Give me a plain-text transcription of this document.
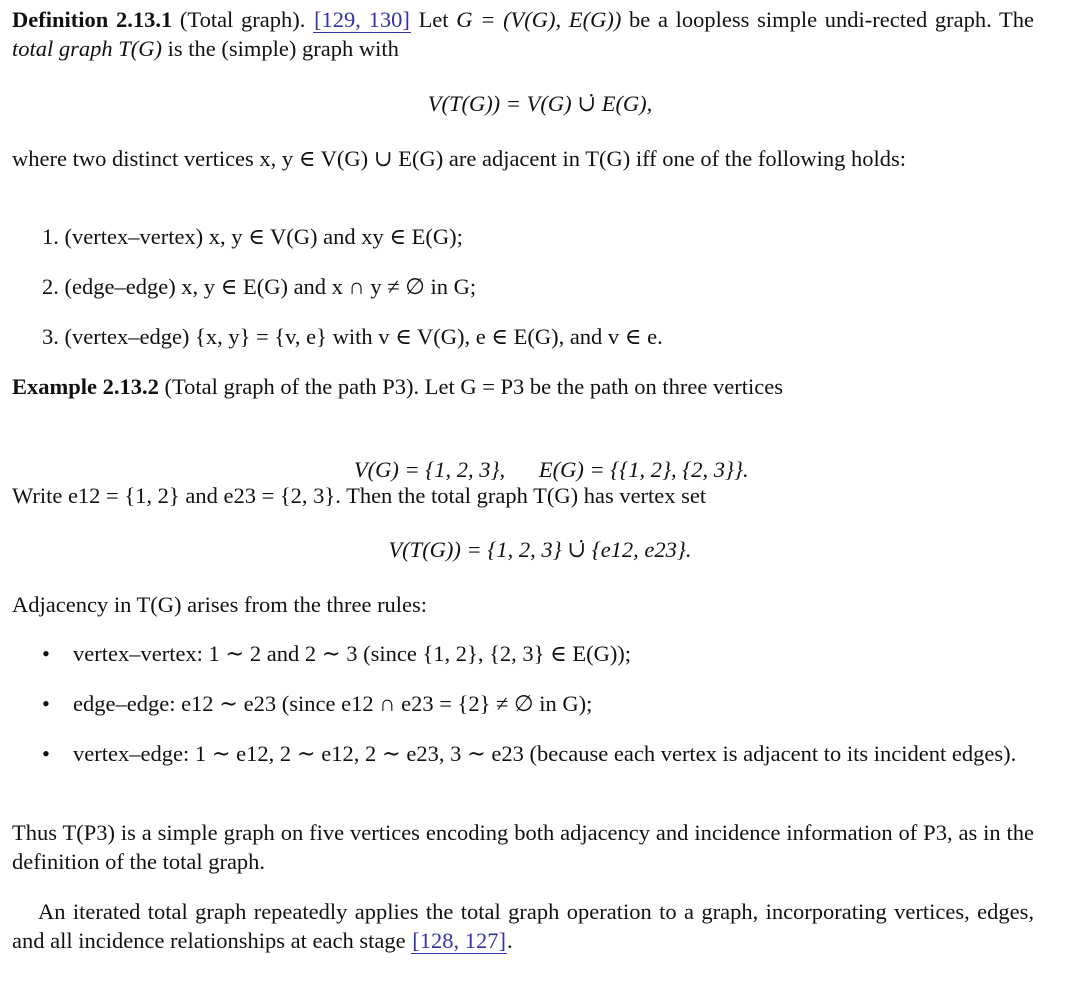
Definition 2.13.1 (Total graph). [129, 130] Let G = (V(G), E(G)) be a loopless simple undi-rected graph. The total graph T(G) is the (simple) graph with
V(T(G)) = V(G) ∪̇ E(G),
where two distinct vertices x, y ∈ V(G) ∪ E(G) are adjacent in T(G) iff one of the following holds:
1. (vertex–vertex) x, y ∈ V(G) and xy ∈ E(G);
2. (edge–edge) x, y ∈ E(G) and x ∩ y ≠ ∅ in G;
3. (vertex–edge) {x, y} = {v, e} with v ∈ V(G), e ∈ E(G), and v ∈ e.
Example 2.13.2 (Total graph of the path P3). Let G = P3 be the path on three vertices

V(G) = {1, 2, 3},      E(G) = {{1, 2}, {2, 3}}.

Write e12 = {1, 2} and e23 = {2, 3}. Then the total graph T(G) has vertex set
V(T(G)) = {1, 2, 3} ∪̇ {e12, e23}.
Adjacency in T(G) arises from the three rules:
• vertex–vertex: 1 ∼ 2 and 2 ∼ 3 (since {1, 2}, {2, 3} ∈ E(G));
• edge–edge: e12 ∼ e23 (since e12 ∩ e23 = {2} ≠ ∅ in G);
• vertex–edge: 1 ∼ e12, 2 ∼ e12, 2 ∼ e23, 3 ∼ e23 (because each vertex is adjacent to its incident edges).
Thus T(P3) is a simple graph on five vertices encoding both adjacency and incidence information of P3, as in the definition of the total graph.
An iterated total graph repeatedly applies the total graph operation to a graph, incorporating vertices, edges, and all incidence relationships at each stage [128, 127].
